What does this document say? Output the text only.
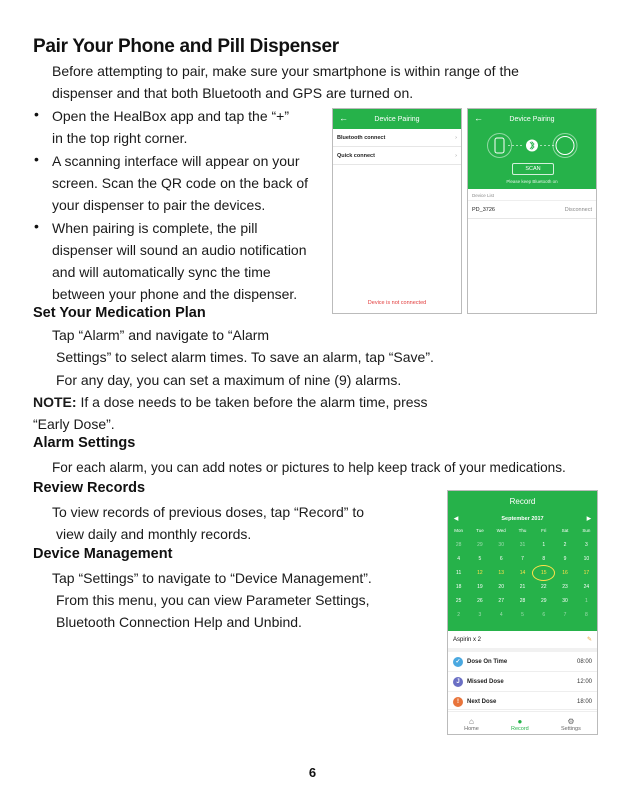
Pair Your Phone and Pill Dispenser
Before attempting to pair, make sure your smartphone is within range of the
dispenser and that both Bluetooth and GPS are turned on.
• Open the HealBox app and tap the “+”
in the top right corner.
• A scanning interface will appear on your
screen. Scan the QR code on the back of
your dispenser to pair the devices.
• When pairing is complete, the pill
dispenser will sound an audio notification
and will automatically sync the time
between your phone and the dispenser.
←	Device Pairing
Bluetooth connect	›
Quick connect	›
Device is not connected
←	Device Pairing
SCAN
Please keep Bluetooth on
Device List
PD_3726	Disconnect
Set Your Medication Plan
Tap “Alarm” and navigate to “Alarm
Settings” to select alarm times. To save an alarm, tap “Save”.
For any day, you can set a maximum of nine (9) alarms.
NOTE: If a dose needs to be taken before the alarm time, press
“Early Dose”.
Alarm Settings
For each alarm, you can add notes or pictures to help keep track of your medications.
Review Records
To view records of previous doses, tap “Record” to
view daily and monthly records.
Device Management
Tap “Settings” to navigate to “Device Management”.
From this menu, you can view Parameter Settings,
Bluetooth Connection Help and Unbind.
Record
◀	September 2017	▶
Mon	Tue	Wed	Thu	Fri	Sat	Sun
28	29	30	31	1	2	3
4	5	6	7	8	9	10
11	12	13	14	15	16	17
18	19	20	21	22	23	24
25	26	27	28	29	30	1
2	3	4	5	6	7	8
Aspirin x 2	✎
✓	Dose On Time	08:00
J	Missed Dose	12:00
!	Next Dose	18:00
⌂
Home
●
Record
⚙
Settings
6
